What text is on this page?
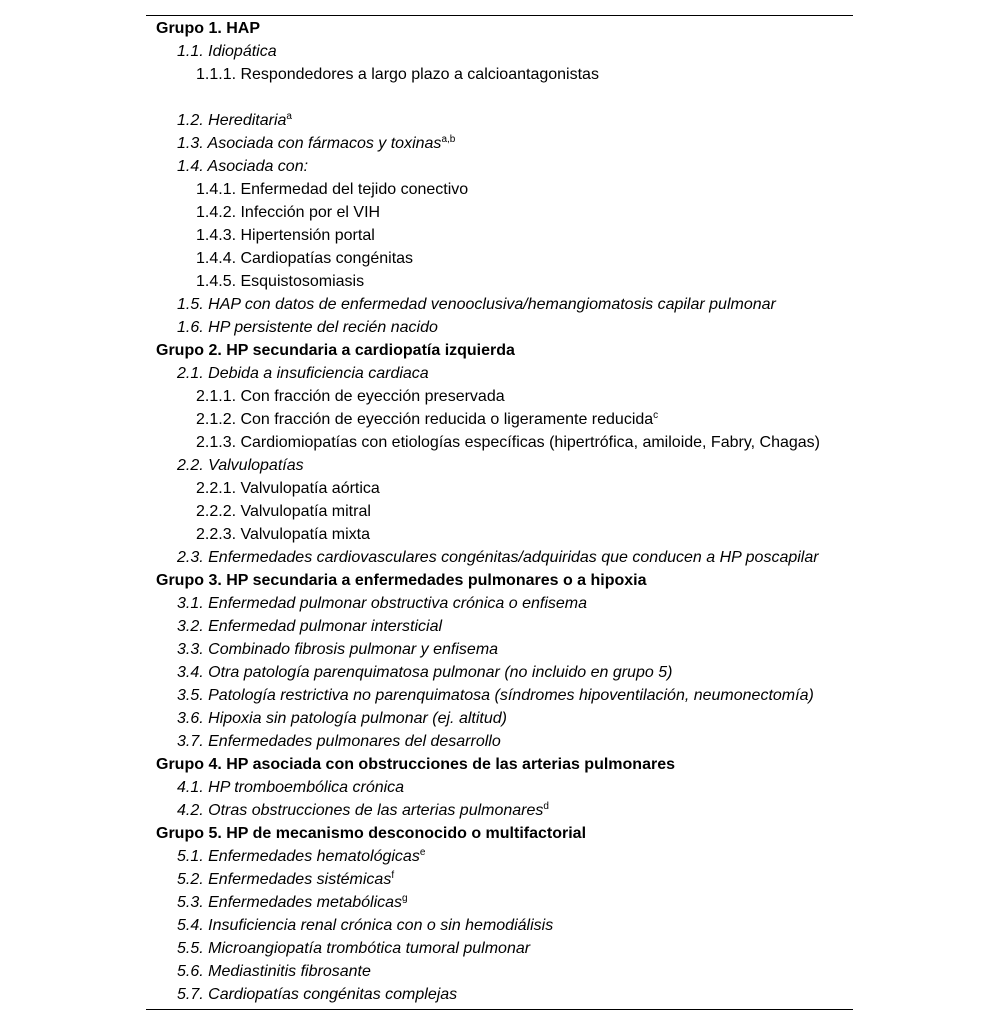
Grupo 1. HAP
1.1. Idiopática
1.1.1. Respondedores a largo plazo a calcioantagonistas
1.2. Hereditaria$^a$
1.3. Asociada con fármacos y toxinas$^{a,b}$
1.4. Asociada con:
1.4.1. Enfermedad del tejido conectivo
1.4.2. Infección por el VIH
1.4.3. Hipertensión portal
1.4.4. Cardiopatías congénitas
1.4.5. Esquistosomiasis
1.5. HAP con datos de enfermedad venooclusiva/hemangiomatosis capilar pulmonar
1.6. HP persistente del recién nacido
Grupo 2. HP secundaria a cardiopatía izquierda
2.1. Debida a insuficiencia cardiaca
2.1.1. Con fracción de eyección preservada
2.1.2. Con fracción de eyección reducida o ligeramente reducida$^c$
2.1.3. Cardiomiopatías con etiologías específicas (hipertrófica, amiloide, Fabry, Chagas)
2.2. Valvulopatías
2.2.1. Valvulopatía aórtica
2.2.2. Valvulopatía mitral
2.2.3. Valvulopatía mixta
2.3. Enfermedades cardiovasculares congénitas/adquiridas que conducen a HP poscapilar
Grupo 3. HP secundaria a enfermedades pulmonares o a hipoxia
3.1. Enfermedad pulmonar obstructiva crónica o enfisema
3.2. Enfermedad pulmonar intersticial
3.3. Combinado fibrosis pulmonar y enfisema
3.4. Otra patología parenquimatosa pulmonar (no incluido en grupo 5)
3.5. Patología restrictiva no parenquimatosa (síndromes hipoventilación, neumonectomía)
3.6. Hipoxia sin patología pulmonar (ej. altitud)
3.7. Enfermedades pulmonares del desarrollo
Grupo 4. HP asociada con obstrucciones de las arterias pulmonares
4.1. HP tromboembólica crónica
4.2. Otras obstrucciones de las arterias pulmonares$^d$
Grupo 5. HP de mecanismo desconocido o multifactorial
5.1. Enfermedades hematológicas$^e$
5.2. Enfermedades sistémicas$^f$
5.3. Enfermedades metabólicas$^g$
5.4. Insuficiencia renal crónica con o sin hemodiálisis
5.5. Microangiopatía trombótica tumoral pulmonar
5.6. Mediastinitis fibrosante
5.7. Cardiopatías congénitas complejas
